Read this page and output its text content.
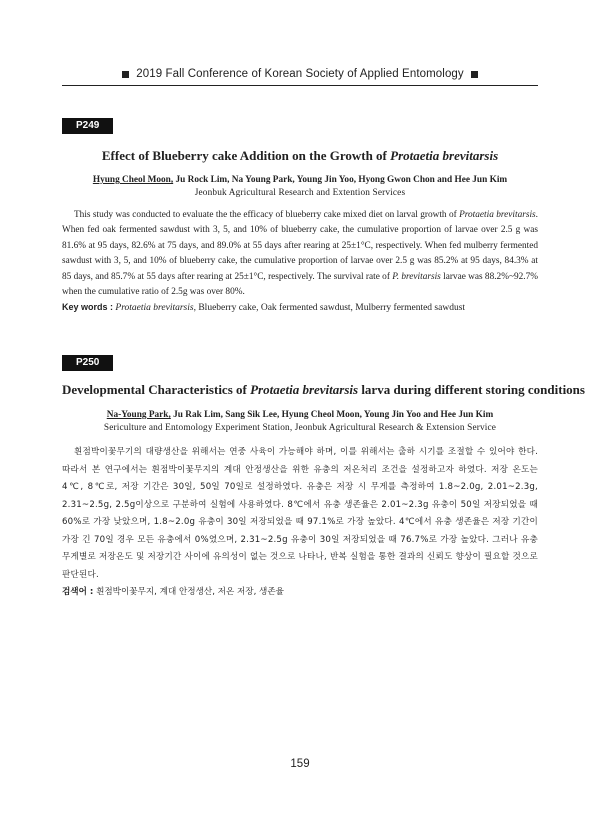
2019 Fall Conference of Korean Society of Applied Entomology
P249
Effect of Blueberry cake Addition on the Growth of Protaetia brevitarsis
Hyung Cheol Moon, Ju Rock Lim, Na Young Park, Young Jin Yoo, Hyong Gwon Chon and Hee Jun Kim
Jeonbuk Agricultural Research and Extention Services

This study was conducted to evaluate the the efficacy of blueberry cake mixed diet on larval growth of Protaetia brevitarsis. When fed oak fermented sawdust with 3, 5, and 10% of blueberry cake, the cumulative proportion of larvae over 2.5 g was 81.6% at 95 days, 82.6% at 75 days, and 89.0% at 55 days after rearing at 25±1°C, respectively. When fed mulberry fermented sawdust with 3, 5, and 10% of blueberry cake, the cumulative proportion of larvae over 2.5 g was 85.2% at 95 days, 84.3% at 85 days, and 85.7% at 55 days after rearing at 25±1°C, respectively. The survival rate of P. brevitarsis larvae was 88.2%~92.7% when the cumulative ratio of 2.5g was over 80%.

Key words : Protaetia brevitarsis, Blueberry cake, Oak fermented sawdust, Mulberry fermented sawdust
P250
Developmental Characteristics of Protaetia brevitarsis larva during different storing conditions
Na-Young Park, Ju Rak Lim, Sang Sik Lee, Hyung Cheol Moon, Young Jin Yoo and Hee Jun Kim
Sericulture and Entomology Experiment Station, Jeonbuk Agricultural Research & Extension Service

흰점박이꽃무기의 대량생산을 위해서는 연중 사육이 가능해야 하며, 이를 위해서는 출하 시기를 조절할 수 있어야 한다. 따라서 본 연구에서는 흰점박이꽃무지의 계대 안정생산을 위한 유충의 저온처리 조건을 설정하고자 하였다. 저장 온도는 4℃, 8℃로, 저장 기간은 30일, 50일 70일로 설정하였다. 유충은 저장 시 무게를 측정하여 1.8~2.0g, 2.01~2.3g, 2.31~2.5g, 2.5g이상으로 구분하여 실험에 사용하였다. 8℃에서 유충 생존율은 2.01~2.3g 유충이 50일 저장되었을 때 60%로 가장 낮았으며, 1.8~2.0g 유충이 30일 저장되었을 때 97.1%로 가장 높았다. 4℃에서 유충 생존율은 저장 기간이 가장 긴 70일 경우 모든 유충에서 0%였으며, 2.31~2.5g 유충이 30일 저장되었을 때 76.7%로 가장 높았다. 그러나 유충 무게별로 저장온도 및 저장기간 사이에 유의성이 없는 것으로 나타나, 반복 실험을 통한 결과의 신뢰도 향상이 필요할 것으로 판단된다.

검색어 : 흰점박이꽃무지, 계대 안정생산, 저온 저장, 생존율
159
